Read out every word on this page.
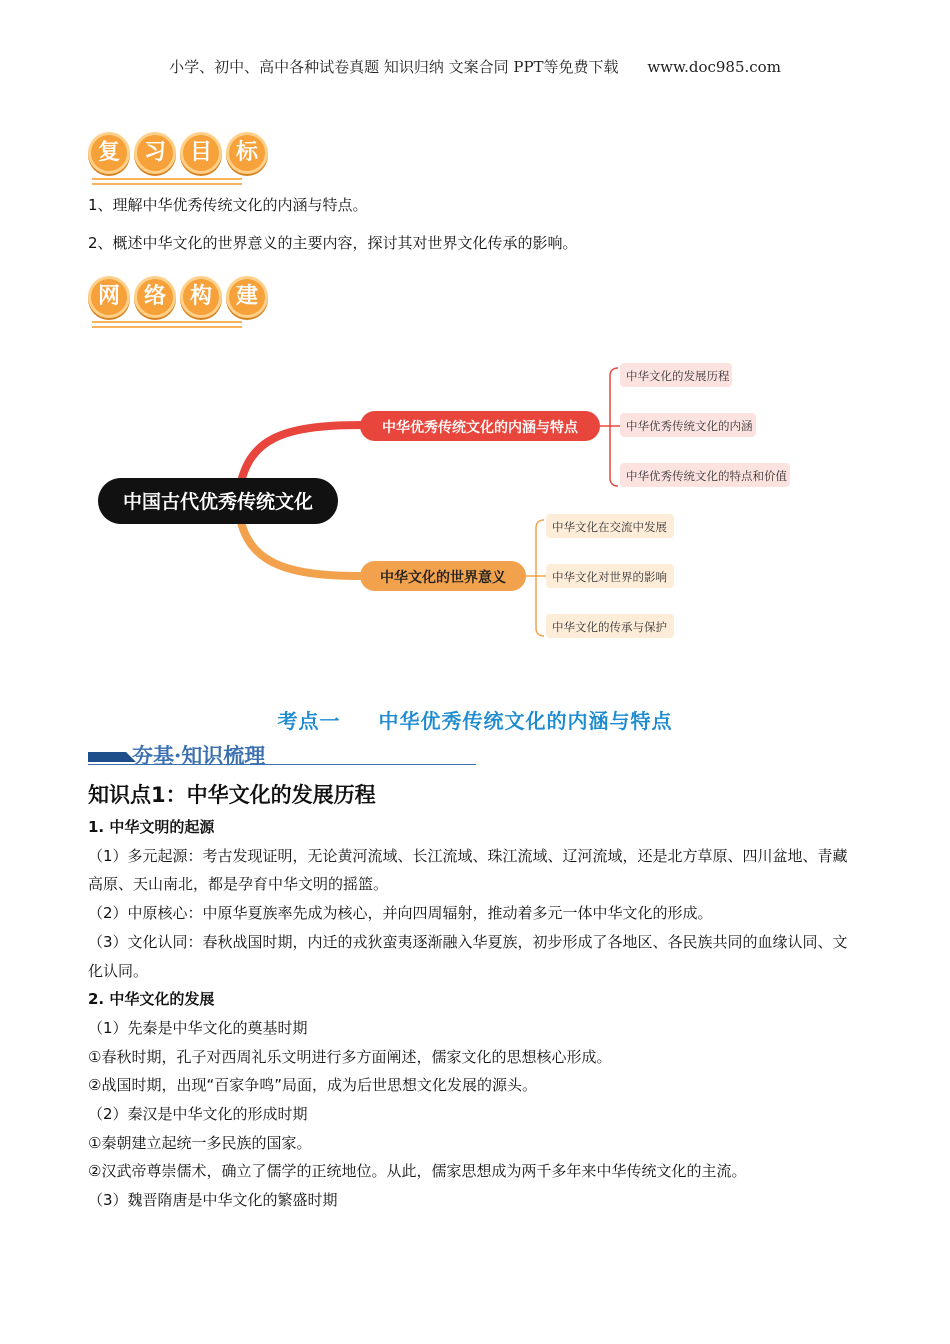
小学、初中、高中各种试卷真题 知识归纳 文案合同 PPT等免费下载 www.doc985.com
复	习	目	标
1、理解中华优秀传统文化的内涵与特点。
2、概述中华文化的世界意义的主要内容，探讨其对世界文化传承的影响。
网	络	构	建
中国古代优秀传统文化
中华优秀传统文化的内涵与特点
中华文化的发展历程
中华优秀传统文化的内涵
中华优秀传统文化的特点和价值
中华文化的世界意义
中华文化在交流中发展
中华文化对世界的影响
中华文化的传承与保护
考点一 中华优秀传统文化的内涵与特点
夯基·知识梳理
知识点1：中华文化的发展历程

1. 中华文明的起源

（1）多元起源：考古发现证明，无论黄河流域、长江流域、珠江流域、辽河流域，还是北方草原、四川盆地、青藏高原、天山南北，都是孕育中华文明的摇篮。

（2）中原核心：中原华夏族率先成为核心，并向四周辐射，推动着多元一体中华文化的形成。

（3）文化认同：春秋战国时期，内迁的戎狄蛮夷逐渐融入华夏族，初步形成了各地区、各民族共同的血缘认同、文化认同。

2. 中华文化的发展

（1）先秦是中华文化的奠基时期

①春秋时期，孔子对西周礼乐文明进行多方面阐述，儒家文化的思想核心形成。

②战国时期，出现“百家争鸣”局面，成为后世思想文化发展的源头。

（2）秦汉是中华文化的形成时期

①秦朝建立起统一多民族的国家。

②汉武帝尊崇儒术，确立了儒学的正统地位。从此，儒家思想成为两千多年来中华传统文化的主流。

（3）魏晋隋唐是中华文化的繁盛时期
